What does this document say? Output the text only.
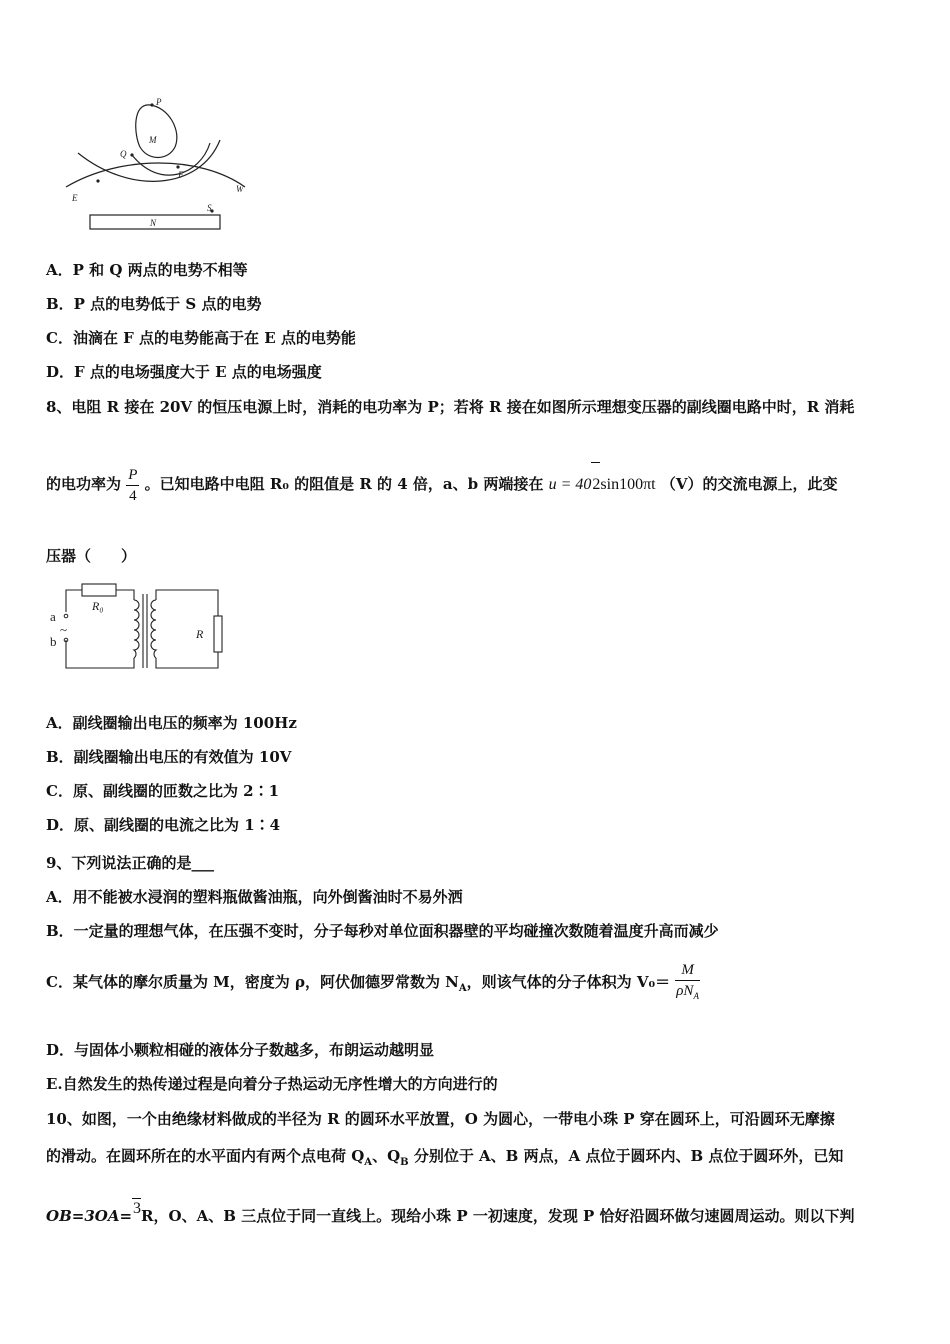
P
M
Q
F
W
E
S
N
A．P 和 Q 两点的电势不相等
B．P 点的电势低于 S 点的电势
C．油滴在 F 点的电势能高于在 E 点的电势能
D．F 点的电场强度大于 E 点的电场强度
8、电阻 R 接在 20V 的恒压电源上时，消耗的电功率为 P；若将 R 接在如图所示理想变压器的副线圈电路中时，R 消耗
的电功率为 $\frac{P}{4}$ 。已知电路中电阻 R₀ 的阻值是 R 的 4 倍，a、b 两端接在 u = 402sin100πt （V）的交流电源上，此变
压器（　　）
a
b
~
R₀
R
A．副线圈输出电压的频率为 100Hz
B．副线圈输出电压的有效值为 10V
C．原、副线圈的匝数之比为 2∶1
D．原、副线圈的电流之比为 1∶4
9、下列说法正确的是___
A．用不能被水浸润的塑料瓶做酱油瓶，向外倒酱油时不易外洒
B．一定量的理想气体，在压强不变时，分子每秒对单位面积器壁的平均碰撞次数随着温度升高而减少
C．某气体的摩尔质量为 M，密度为 ρ，阿伏伽德罗常数为 $N_A$，则该气体的分子体积为 $V_0= \frac{M}{\rho N_A}$
D．与固体小颗粒相碰的液体分子数越多，布朗运动越明显
E.自然发生的热传递过程是向着分子热运动无序性增大的方向进行的
10、如图，一个由绝缘材料做成的半径为 R 的圆环水平放置，O 为圆心，一带电小珠 P 穿在圆环上，可沿圆环无摩擦
的滑动。在圆环所在的水平面内有两个点电荷 $Q_A$、$Q_B$ 分别位于 A、B 两点，A 点位于圆环内、B 点位于圆环外，已知
OB=3OA=3R，O、A、B 三点位于同一直线上。现给小珠 P 一初速度，发现 P 恰好沿圆环做匀速圆周运动。则以下判
